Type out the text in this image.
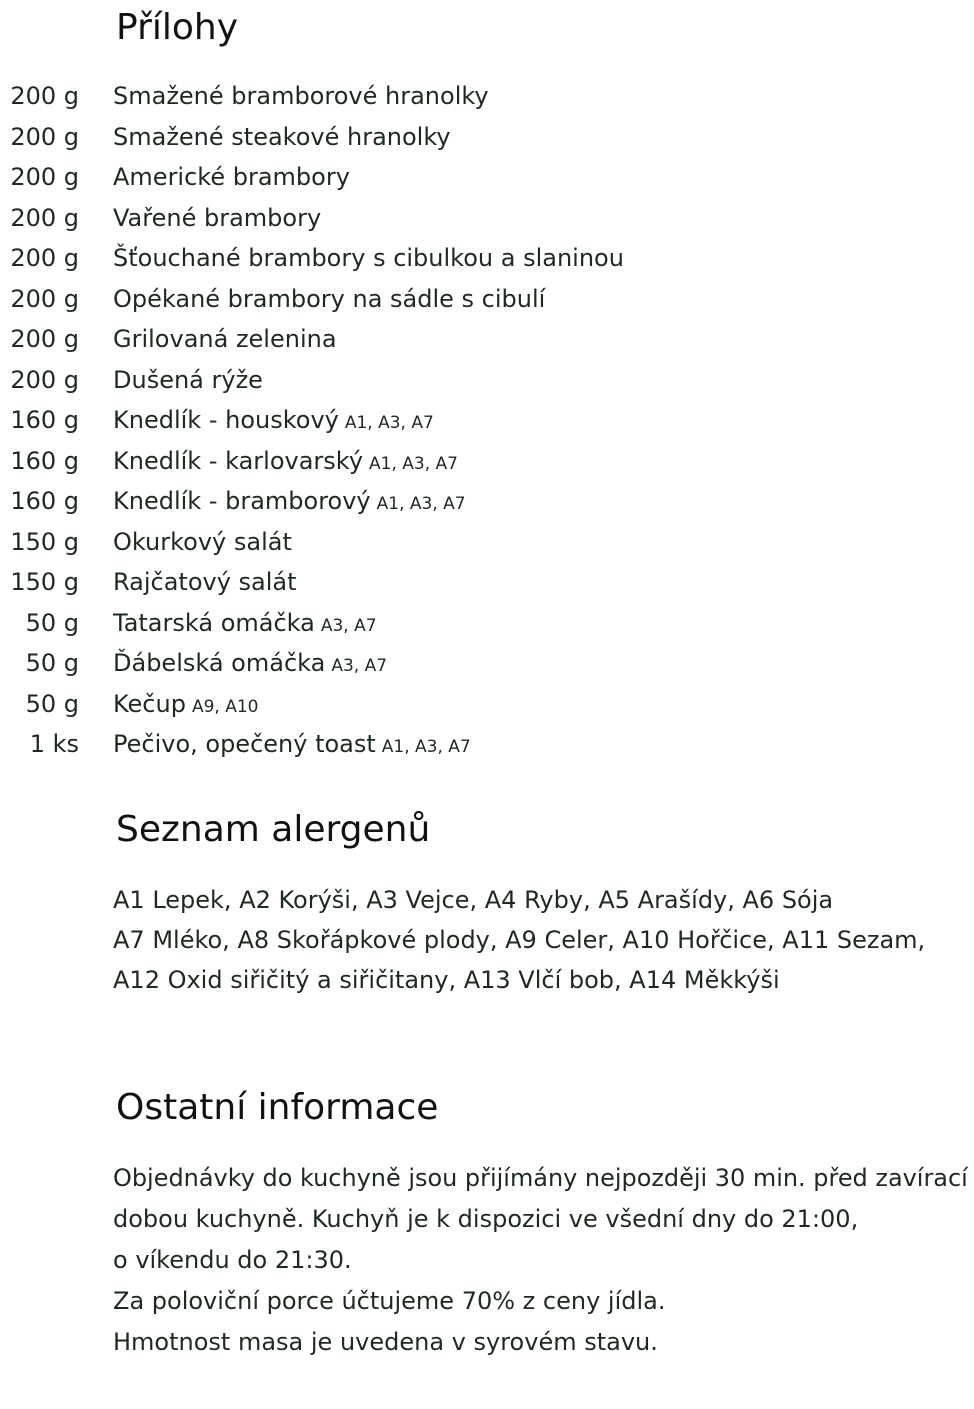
Přílohy
200 g Smažené bramborové hranolky
200 g Smažené steakové hranolky
200 g Americké brambory
200 g Vařené brambory
200 g Šťouchané brambory s cibulkou a slaninou
200 g Opékané brambory na sádle s cibulí
200 g Grilovaná zelenina
200 g Dušená rýže
160 g Knedlík - houskový A1, A3, A7
160 g Knedlík - karlovarský A1, A3, A7
160 g Knedlík - bramborový A1, A3, A7
150 g Okurkový salát
150 g Rajčatový salát
50 g Tatarská omáčka A3, A7
50 g Ďábelská omáčka A3, A7
50 g Kečup A9, A10
1 ks Pečivo, opečený toast A1, A3, A7
Seznam alergenů
A1 Lepek, A2 Korýši, A3 Vejce, A4 Ryby, A5 Arašídy, A6 Sója
A7 Mléko, A8 Skořápkové plody, A9 Celer, A10 Hořčice, A11 Sezam,
A12 Oxid siřičitý a siřičitany, A13 Vlčí bob, A14 Měkkýši
Ostatní informace
Objednávky do kuchyně jsou přijímány nejpozději 30 min. před zavírací
dobou kuchyně. Kuchyň je k dispozici ve všední dny do 21:00,
o víkendu do 21:30.
Za poloviční porce účtujeme 70% z ceny jídla.
Hmotnost masa je uvedena v syrovém stavu.
